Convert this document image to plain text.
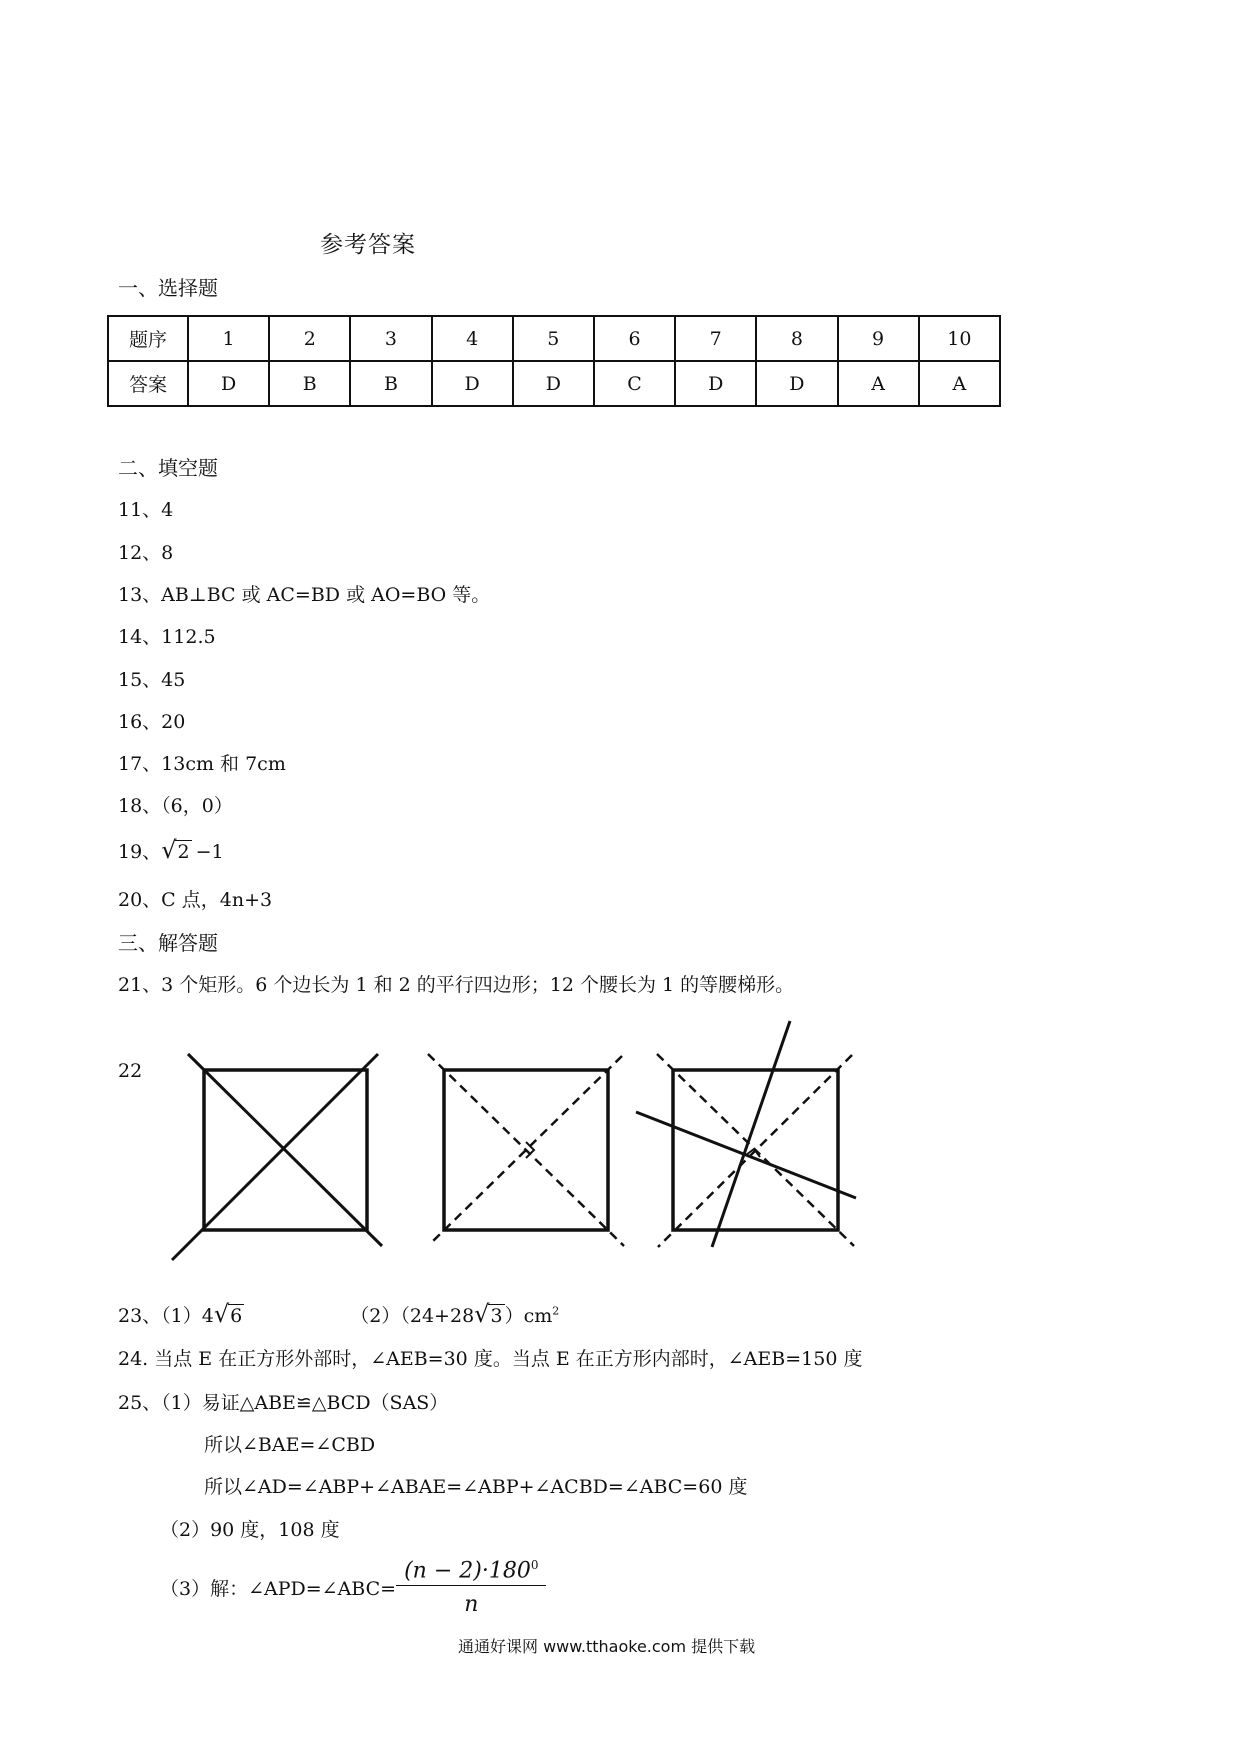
参考答案
一、选择题
题序	1	2	3	4	5	6	7	8	9	10
答案	D	B	B	D	D	C	D	D	A	A
二、填空题
11、4
12、8
13、AB⊥BC 或 AC=BD 或 AO=BO 等。
14、112.5
15、45
16、20
17、13cm 和 7cm
18、（6，0）
19、√2 −1
20、C 点，4n+3
三、解答题
21、3 个矩形。6 个边长为 1 和 2 的平行四边形；12 个腰长为 1 的等腰梯形。
22
23、（1）4√6	（2）（24+28√3 ）$cm^2$
24. 当点 E 在正方形外部时，∠AEB=30 度。当点 E 在正方形内部时，∠AEB=150 度
25、（1）易证△ABE≌△BCD（SAS）
所以∠BAE=∠CBD
所以∠AD=∠ABP+∠ABAE=∠ABP+∠ACBD=∠ABC=60 度
（2）90 度，108 度
（3）解：∠APD=∠ABC= $\frac{(n - 2)\cdot 180^0}{n}$
通通好课网 www.tthaoke.com 提供下载
